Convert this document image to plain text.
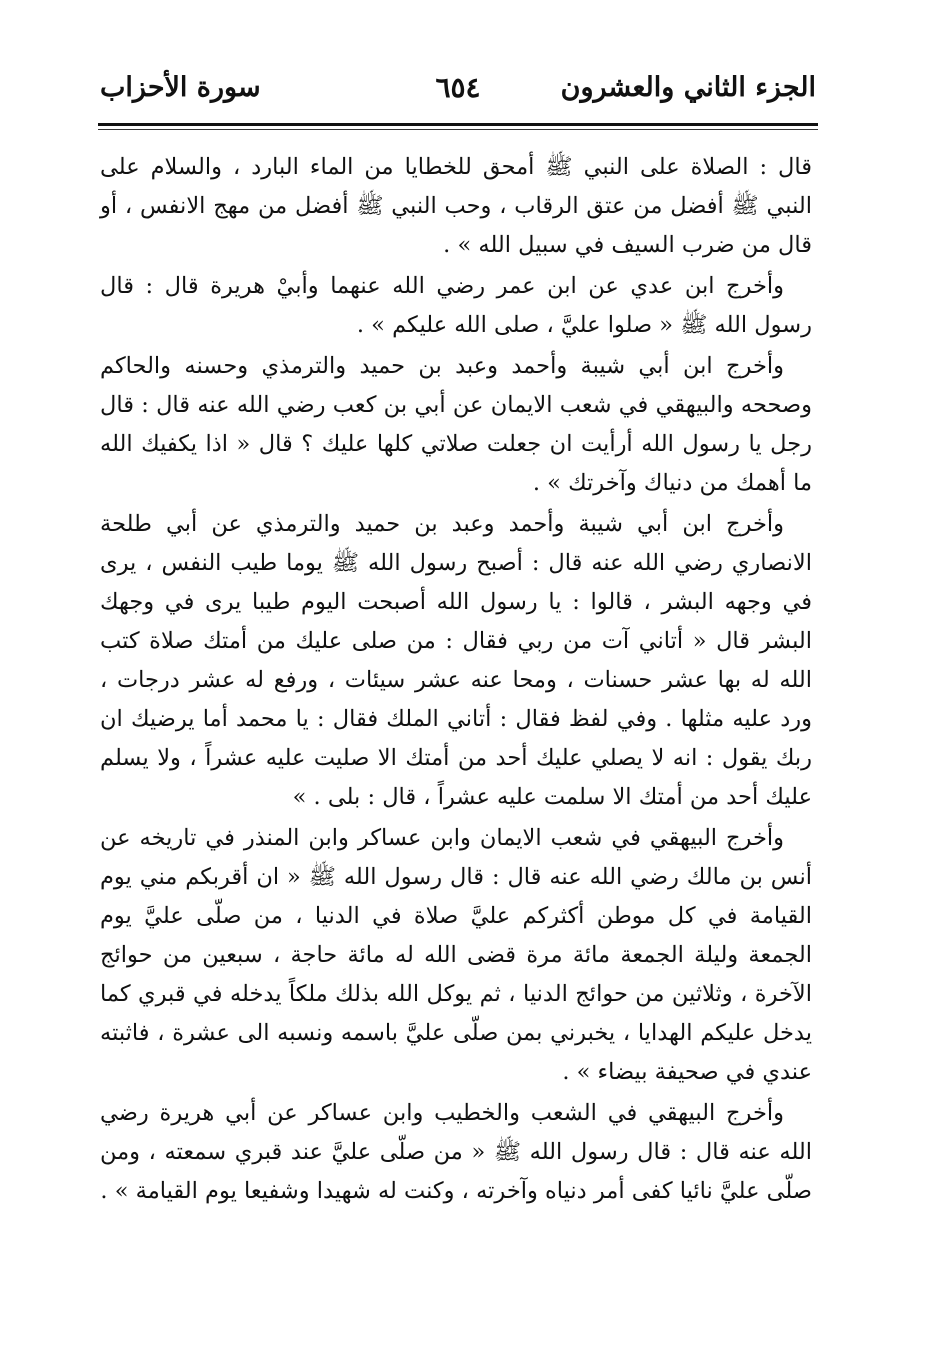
الجزء الثاني والعشرون
٦٥٤
سورة الأحزاب

قال : الصلاة على النبي ﷺ أمحق للخطايا من الماء البارد ، والسلام على النبي ﷺ أفضل من عتق الرقاب ، وحب النبي ﷺ أفضل من مهج الانفس ، أو قال من ضرب السيف في سبيل الله » .

وأخرج ابن عدي عن ابن عمر رضي الله عنهما وأبيْ هريرة قال : قال رسول الله ﷺ « صلوا عليَّ ، صلى الله عليكم » .

وأخرج ابن أبي شيبة وأحمد وعبد بن حميد والترمذي وحسنه والحاكم وصححه والبيهقي في شعب الايمان عن أبي بن كعب رضي الله عنه قال : قال رجل يا رسول الله أرأيت ان جعلت صلاتي كلها عليك ؟ قال « اذا يكفيك الله ما أهمك من دنياك وآخرتك » .

وأخرج ابن أبي شيبة وأحمد وعبد بن حميد والترمذي عن أبي طلحة الانصاري رضي الله عنه قال : أصبح رسول الله ﷺ يوما طيب النفس ، يرى في وجهه البشر ، قالوا : يا رسول الله أصبحت اليوم طيبا يرى في وجهك البشر قال « أتاني آت من ربي فقال : من صلى عليك من أمتك صلاة كتب الله له بها عشر حسنات ، ومحا عنه عشر سيئات ، ورفع له عشر درجات ، ورد عليه مثلها . وفي لفظ فقال : أتاني الملك فقال : يا محمد أما يرضيك ان ربك يقول : انه لا يصلي عليك أحد من أمتك الا صليت عليه عشراً ، ولا يسلم عليك أحد من أمتك الا سلمت عليه عشراً ، قال : بلى . »

وأخرج البيهقي في شعب الايمان وابن عساكر وابن المنذر في تاريخه عن أنس بن مالك رضي الله عنه قال : قال رسول الله ﷺ « ان أقربكم مني يوم القيامة في كل موطن أكثركم عليَّ صلاة في الدنيا ، من صلّى عليَّ يوم الجمعة وليلة الجمعة مائة مرة قضى الله له مائة حاجة ، سبعين من حوائج الآخرة ، وثلاثين من حوائج الدنيا ، ثم يوكل الله بذلك ملكاً يدخله في قبري كما يدخل عليكم الهدايا ، يخبرني بمن صلّى عليَّ باسمه ونسبه الى عشرة ، فاثبته عندي في صحيفة بيضاء » .

وأخرج البيهقي في الشعب والخطيب وابن عساكر عن أبي هريرة رضي الله عنه قال : قال رسول الله ﷺ « من صلّى عليَّ عند قبري سمعته ، ومن صلّى عليَّ نائيا كفى أمر دنياه وآخرته ، وكنت له شهيدا وشفيعا يوم القيامة » .
